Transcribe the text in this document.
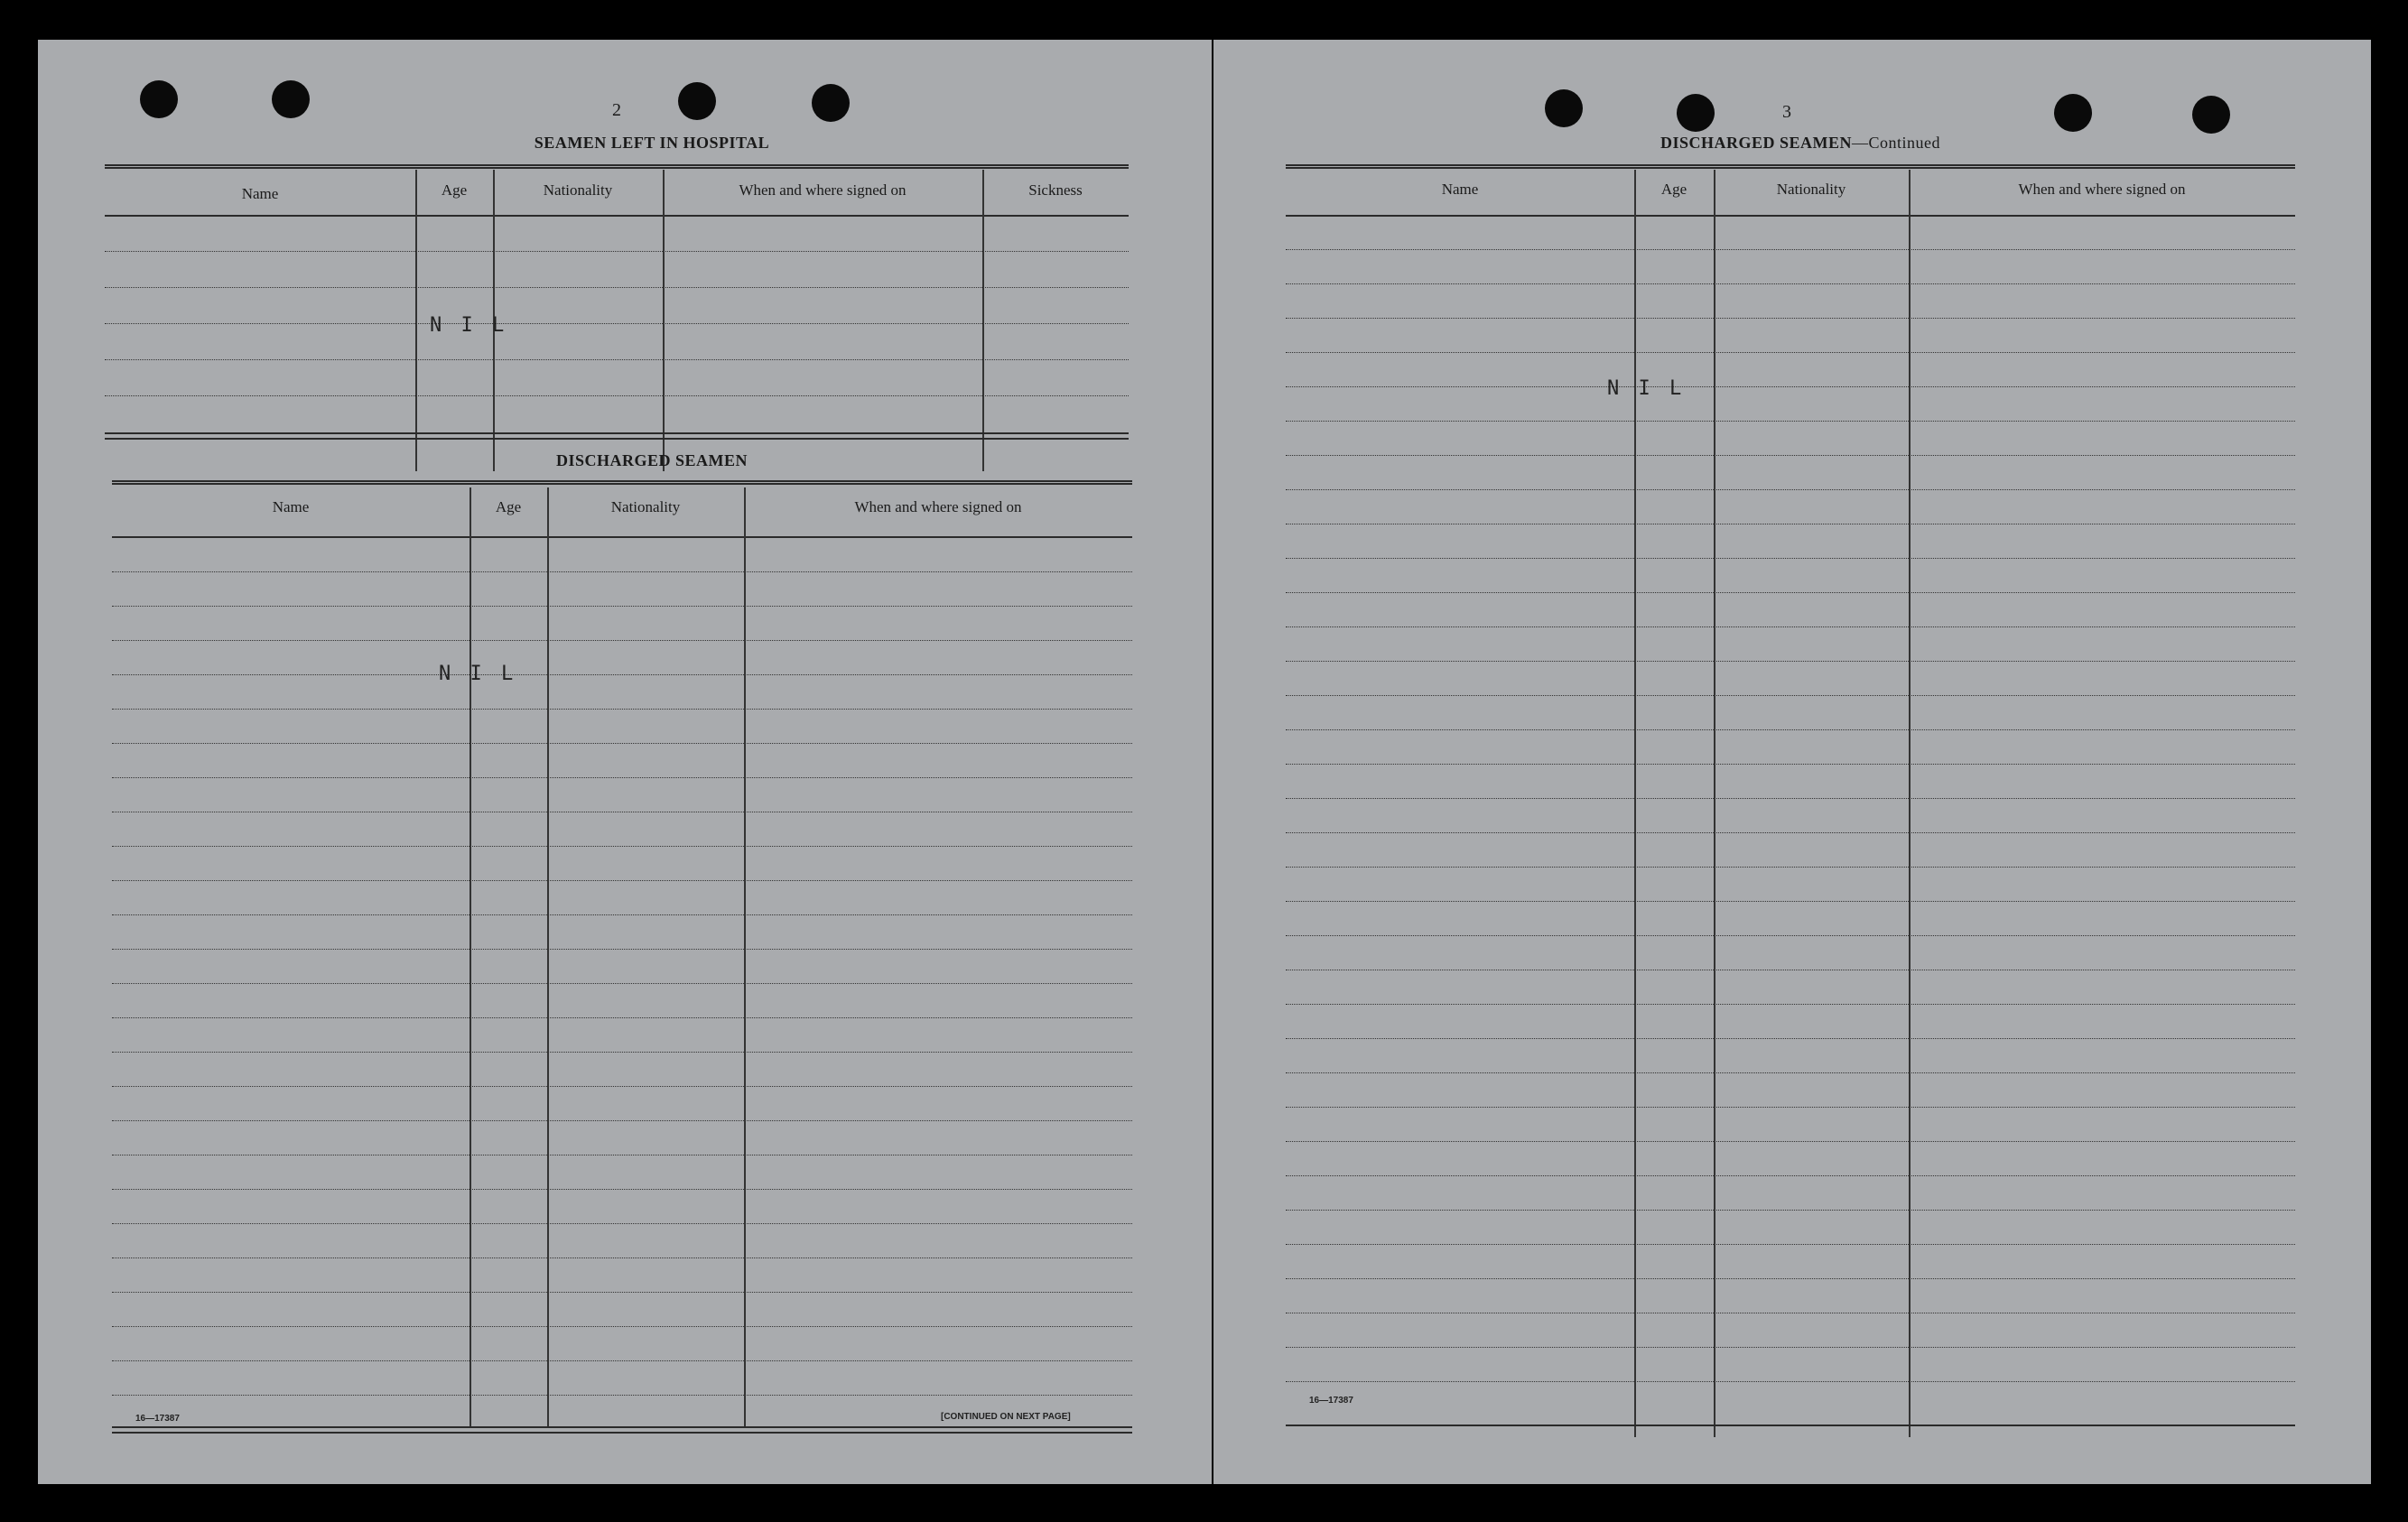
2
SEAMEN LEFT IN HOSPITAL
Name	Age	Nationality	When and where signed on	Sickness
N I L
DISCHARGED SEAMEN
Name	Age	Nationality	When and where signed on
N I L
16—17387	[CONTINUED ON NEXT PAGE]
3
DISCHARGED SEAMEN—Continued
Name	Age	Nationality	When and where signed on
N I L
16—17387
